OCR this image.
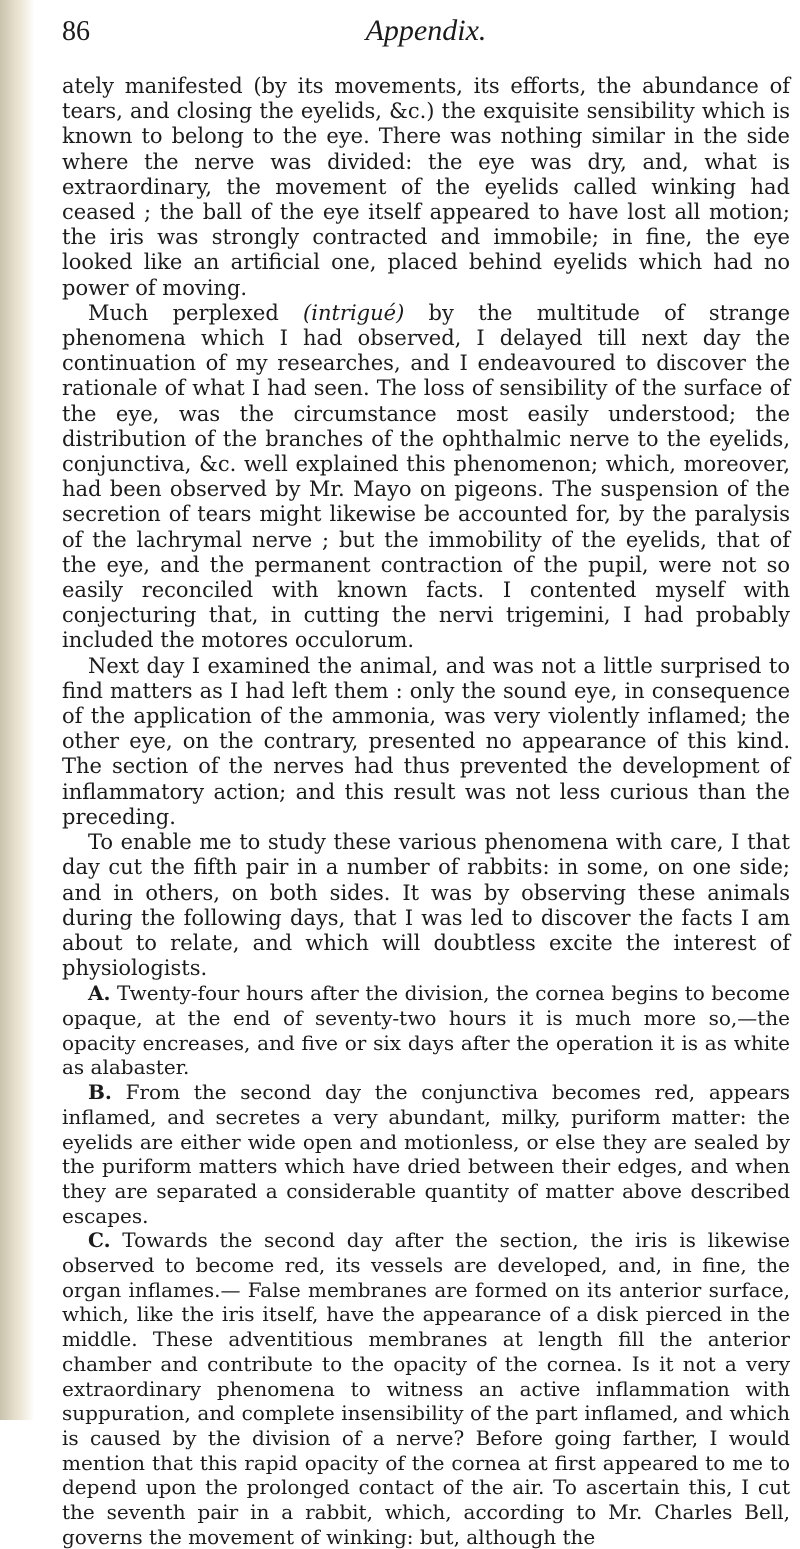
86	Appendix.

ately manifested (by its movements, its efforts, the abundance of tears, and closing the eyelids, &c.) the exquisite sensibility which is known to belong to the eye. There was nothing similar in the side where the nerve was divided: the eye was dry, and, what is extraordinary, the movement of the eyelids called winking had ceased ; the ball of the eye itself appeared to have lost all motion; the iris was strongly contracted and immobile; in fine, the eye looked like an artificial one, placed behind eyelids which had no power of moving.

Much perplexed (intrigué) by the multitude of strange phenomena which I had observed, I delayed till next day the continuation of my researches, and I endeavoured to discover the rationale of what I had seen. The loss of sensibility of the surface of the eye, was the circumstance most easily understood; the distribution of the branches of the ophthalmic nerve to the eyelids, conjunctiva, &c. well explained this phenomenon; which, moreover, had been observed by Mr. Mayo on pigeons. The suspension of the secretion of tears might likewise be accounted for, by the paralysis of the lachrymal nerve ; but the immobility of the eyelids, that of the eye, and the permanent contraction of the pupil, were not so easily reconciled with known facts. I contented myself with conjecturing that, in cutting the nervi trigemini, I had probably included the motores occulorum.

Next day I examined the animal, and was not a little surprised to find matters as I had left them : only the sound eye, in consequence of the application of the ammonia, was very violently inflamed; the other eye, on the contrary, presented no appearance of this kind. The section of the nerves had thus prevented the development of inflammatory action; and this result was not less curious than the preceding.

To enable me to study these various phenomena with care, I that day cut the fifth pair in a number of rabbits: in some, on one side; and in others, on both sides. It was by observing these animals during the following days, that I was led to discover the facts I am about to relate, and which will doubtless excite the interest of physiologists.

A. Twenty-four hours after the division, the cornea begins to become opaque, at the end of seventy-two hours it is much more so,—the opacity encreases, and five or six days after the operation it is as white as alabaster.

B. From the second day the conjunctiva becomes red, appears inflamed, and secretes a very abundant, milky, puriform matter: the eyelids are either wide open and motionless, or else they are sealed by the puriform matters which have dried between their edges, and when they are separated a considerable quantity of matter above described escapes.

C. Towards the second day after the section, the iris is likewise observed to become red, its vessels are developed, and, in fine, the organ inflames.— False membranes are formed on its anterior surface, which, like the iris itself, have the appearance of a disk pierced in the middle. These adventitious membranes at length fill the anterior chamber and contribute to the opacity of the cornea. Is it not a very extraordinary phenomena to witness an active inflammation with suppuration, and complete insensibility of the part inflamed, and which is caused by the division of a nerve? Before going farther, I would mention that this rapid opacity of the cornea at first appeared to me to depend upon the prolonged contact of the air. To ascertain this, I cut the seventh pair in a rabbit, which, according to Mr. Charles Bell, governs the movement of winking: but, although the
